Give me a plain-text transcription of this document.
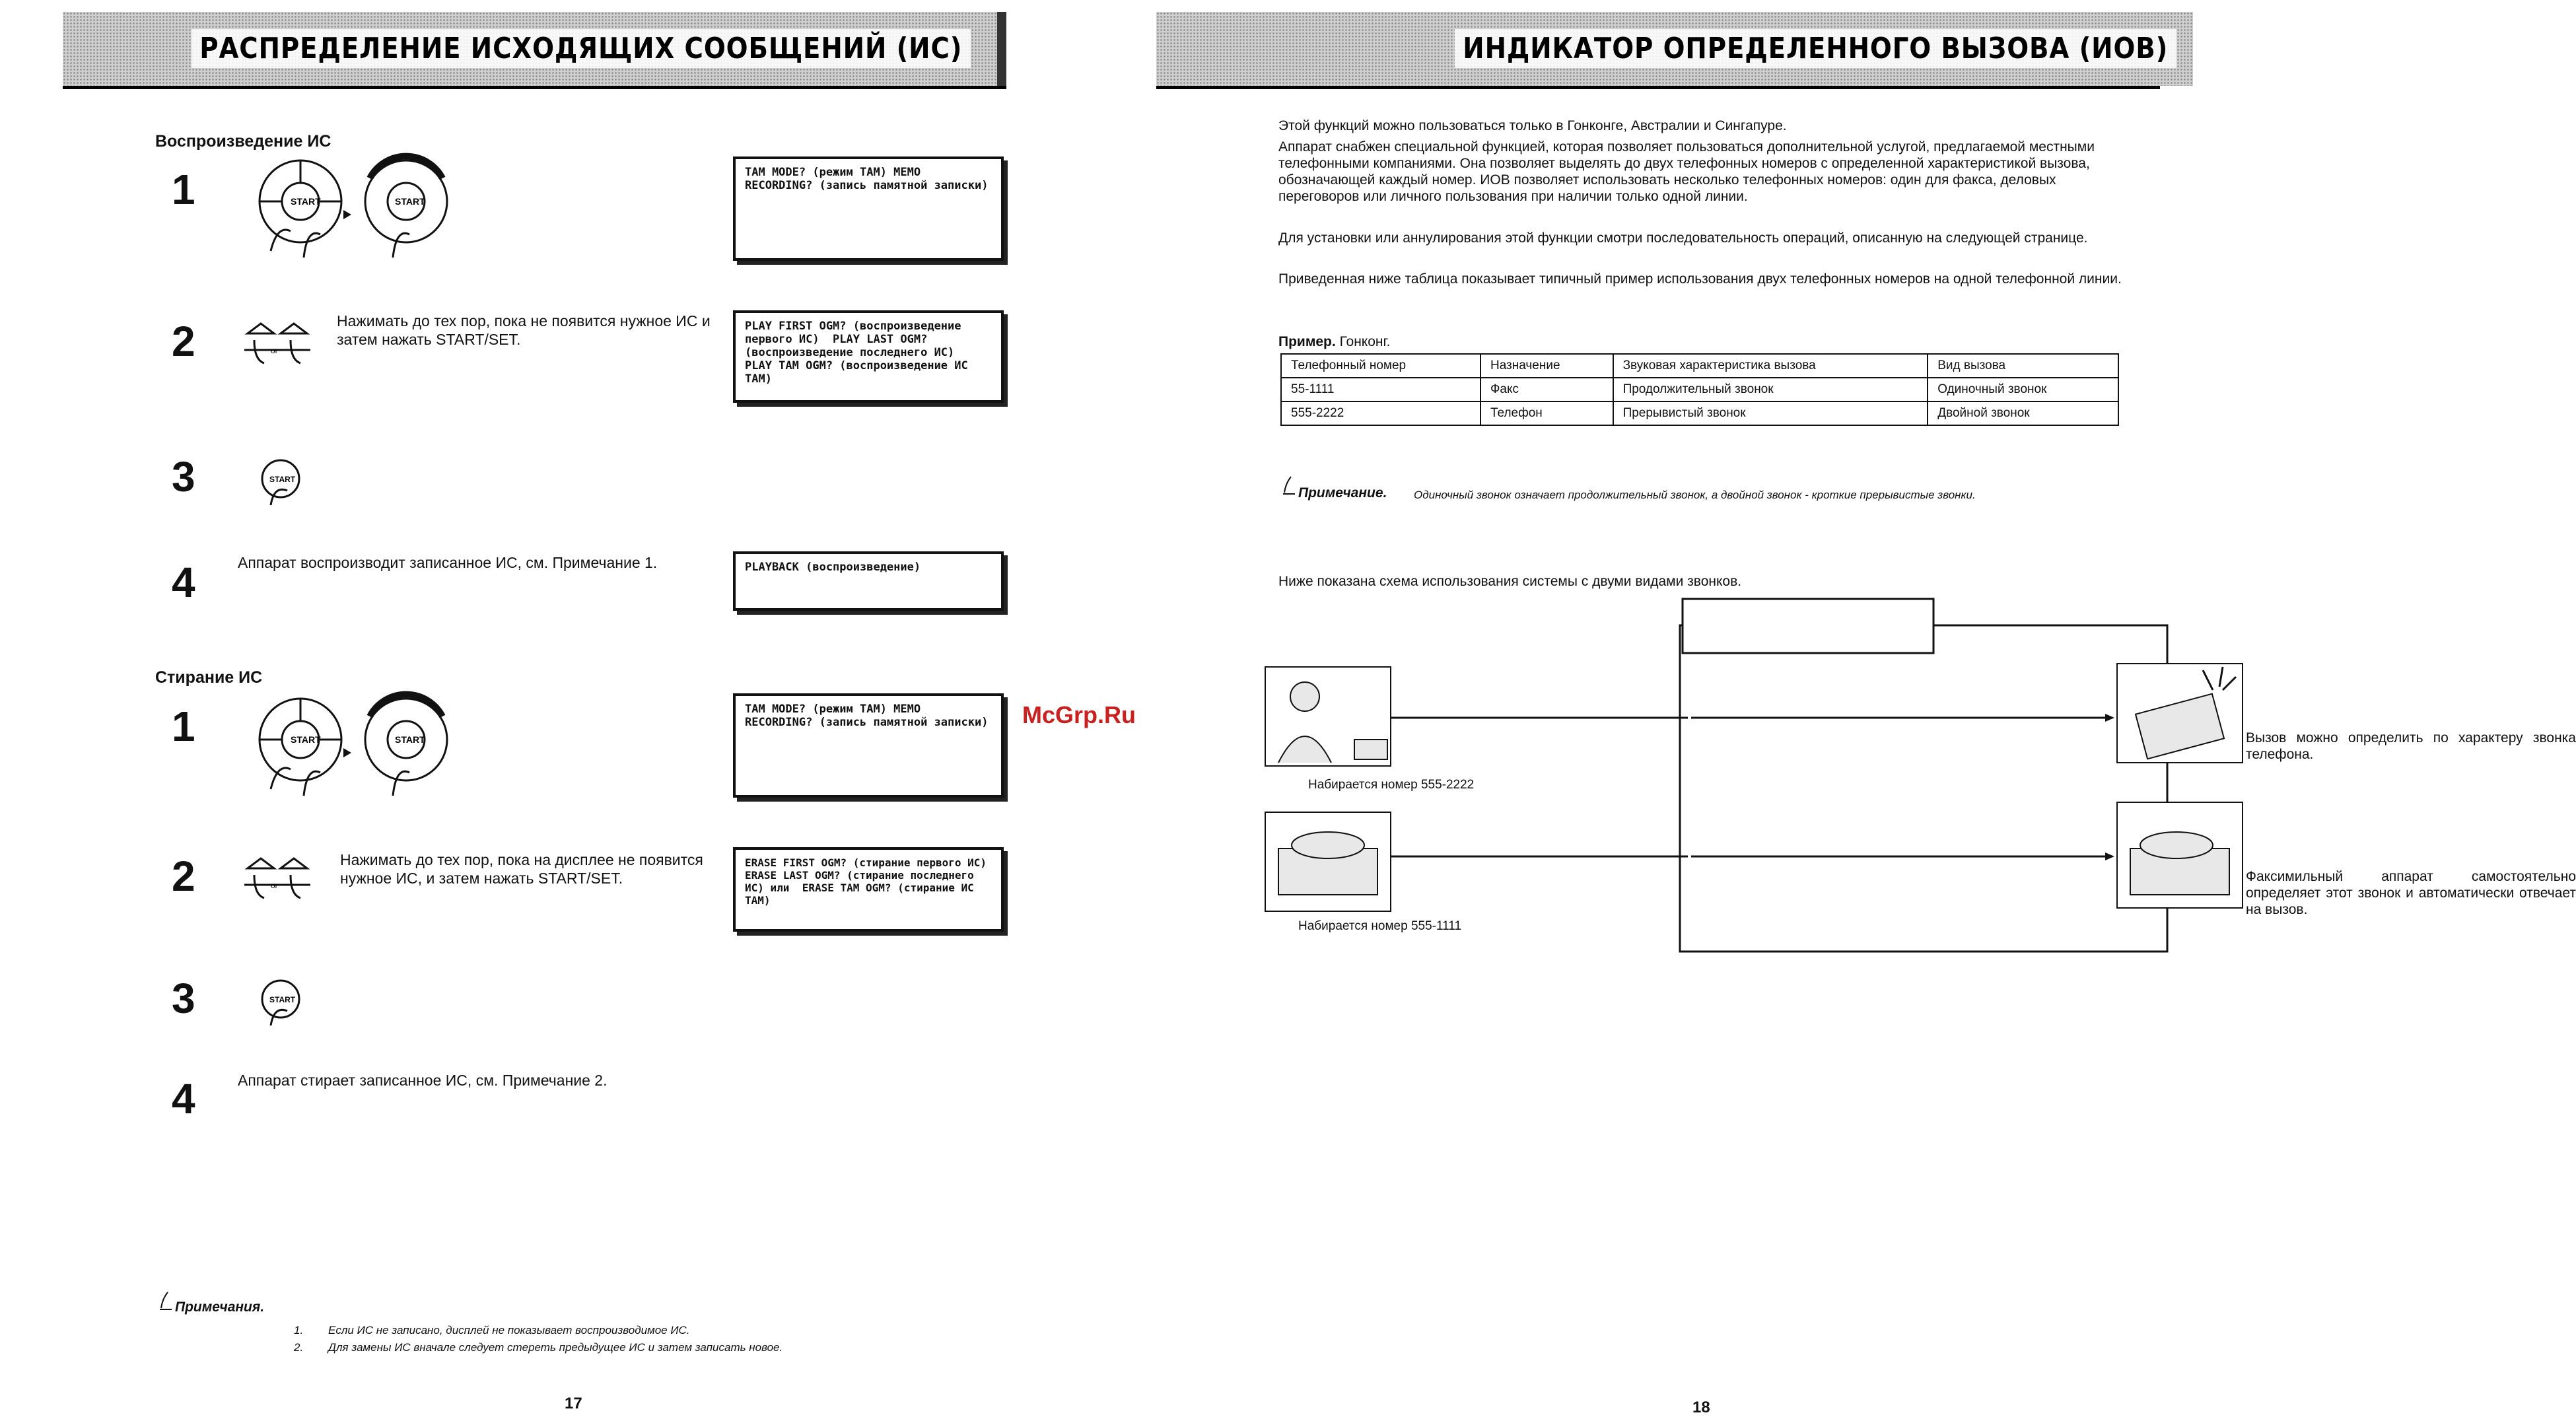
РАСПРЕДЕЛЕНИЕ ИСХОДЯЩИХ СООБЩЕНИЙ (ИС)
Воспроизведение ИС
1	START	START
TAM MODE? (режим TAM) MEMO RECORDING? (запись памятной записки)
2	or
Нажимать до тех пор, пока не появится нужное ИС и затем нажать START/SET.
PLAY FIRST OGM? (воспроизведение первого ИС)  PLAY LAST OGM? (воспроизведение последнего ИС)  PLAY TAM OGM? (воспроизведение ИС TAM)
3	START
4	Аппарат воспроизводит записанное ИС, см. Примечание 1.	PLAYBACK (воспроизведение)
Стирание ИС
1	START	START
TAM MODE? (режим TAM) MEMO RECORDING? (запись памятной записки)
2	or
Нажимать до тех пор, пока на дисплее не появится нужное ИС, и затем нажать START/SET.
ERASE FIRST OGM? (стирание первого ИС) ERASE LAST OGM? (стирание последнего ИС) или  ERASE TAM OGM? (стирание ИС TAM)
3	START
4	Аппарат стирает записанное ИС, см. Примечание 2.
Примечания.
1. Если ИС не записано, дисплей не показывает воспроизводимое ИС.
2. Для замены ИС вначале следует стереть предыдущее ИС и затем записать новое.
17
McGrp.Ru
ИНДИКАТОР ОПРЕДЕЛЕННОГО ВЫЗОВА (ИОВ)
Этой функций можно пользоваться только в Гонконге, Австралии и Сингапуре.
Аппарат снабжен специальной функцией, которая позволяет пользоваться дополнительной услугой, предлагаемой местными телефонными компаниями. Она позволяет выделять до двух телефонных номеров с определенной характеристикой вызова, обозначающей каждый номер. ИОВ позволяет использовать несколько телефонных номеров: один для факса, деловых переговоров или личного пользования при наличии только одной линии.
Для установки или аннулирования этой функции смотри последовательность операций, описанную на следующей странице.
Приведенная ниже таблица показывает типичный пример использования двух телефонных номеров на одной телефонной линии.
Пример. Гонконг.
Телефонный номер	Назначение	Звуковая характеристика вызова	Вид вызова
55-1111	Факс	Продолжительный звонок	Одиночный звонок
555-2222	Телефон	Прерывистый звонок	Двойной звонок
Примечание. Одиночный звонок означает продолжительный звонок, а двойной звонок - кроткие прерывистые звонки.
Ниже показана схема использования системы с двуми видами звонков.
Набирается номер 555-2222
Набирается номер 555-1111
Вызов можно определить по характеру звонка телефона.
Факсимильный аппарат самостоятельно определяет этот звонок и автоматически отвечает на вызов.
18
